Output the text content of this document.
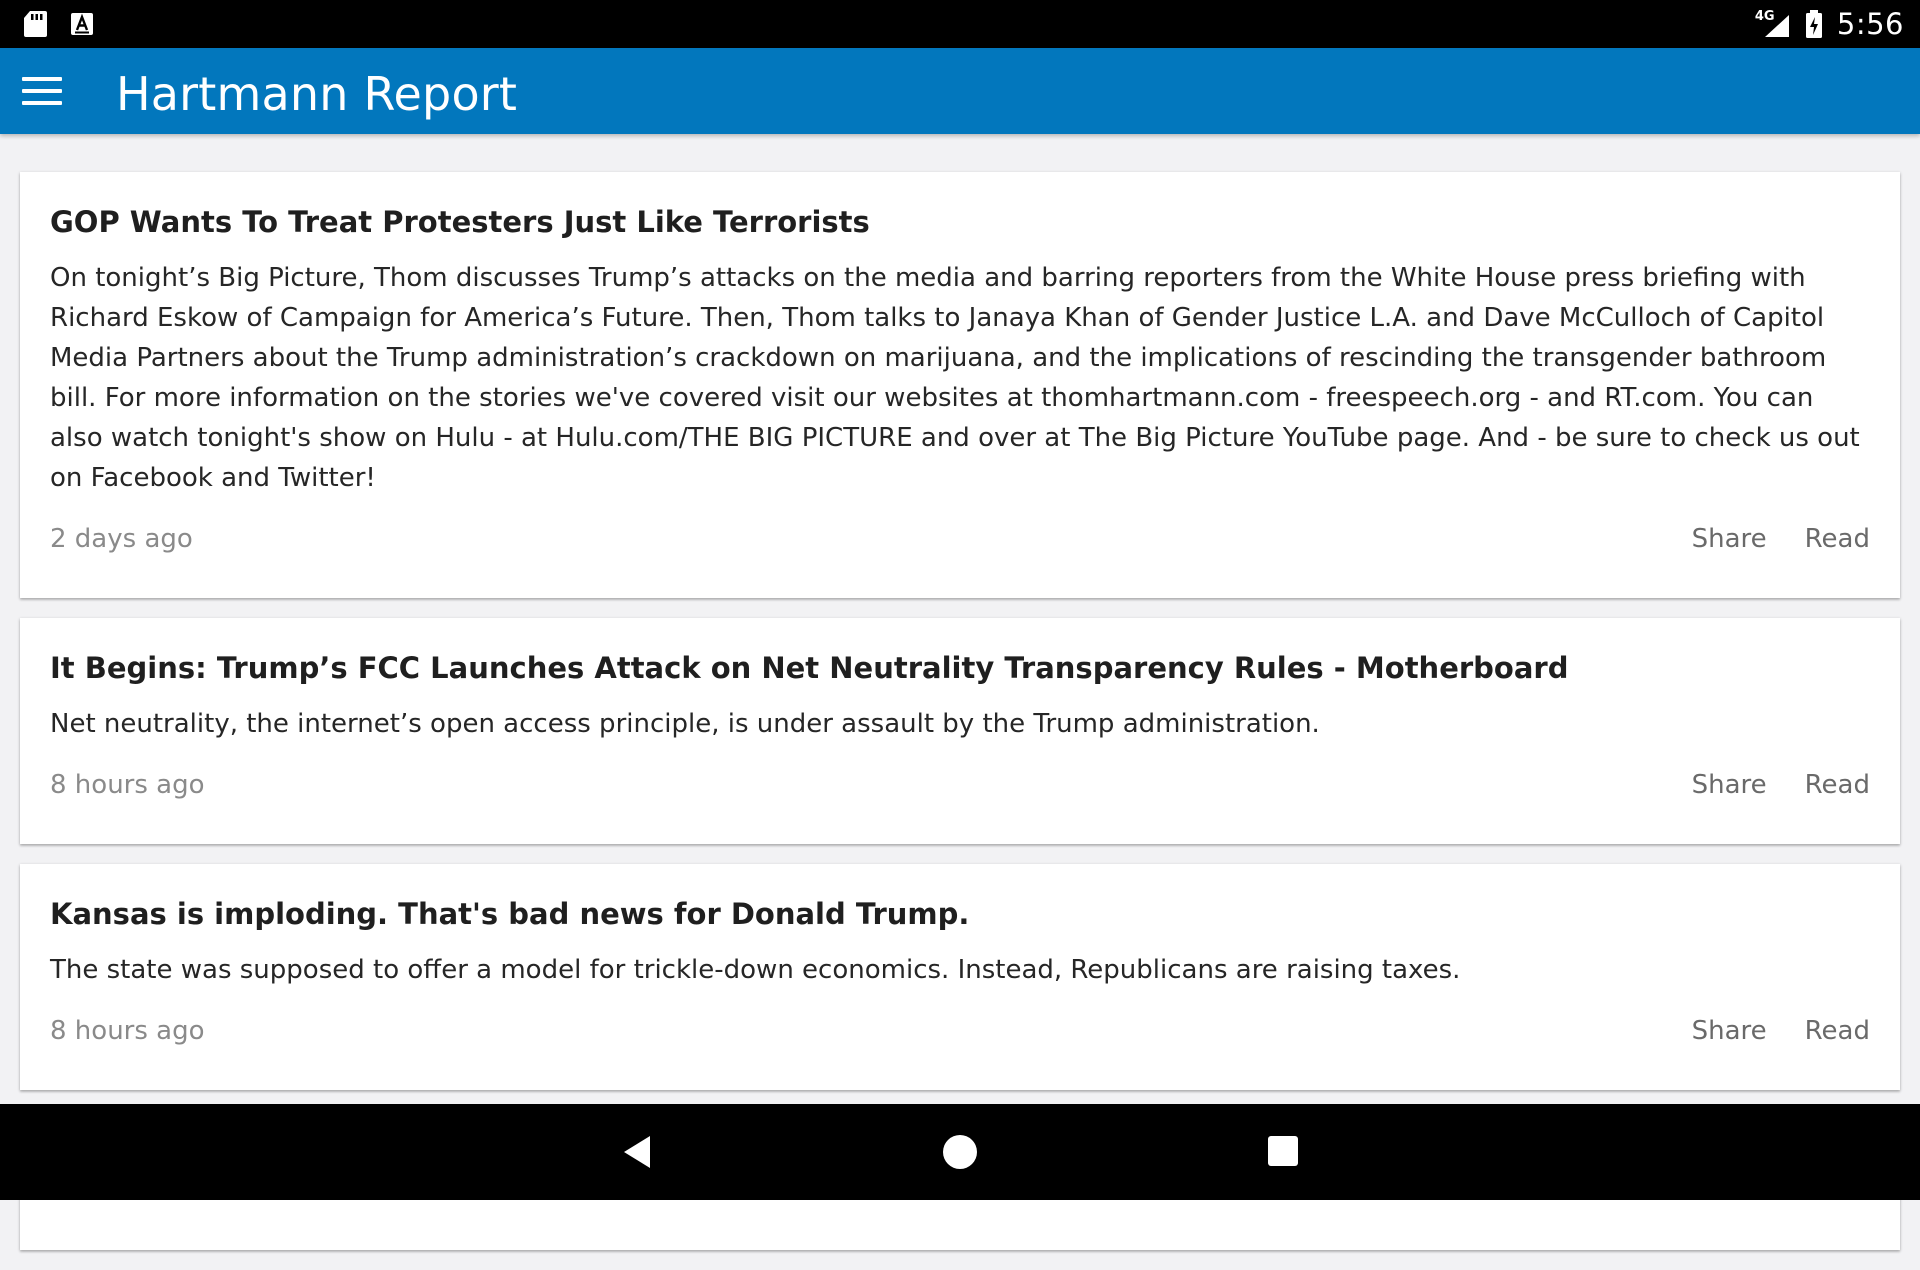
4G 5:56
Hartmann Report
GOP Wants To Treat Protesters Just Like Terrorists
On tonight’s Big Picture, Thom discusses Trump’s attacks on the media and barring reporters from the White House press briefing with Richard Eskow of Campaign for America’s Future. Then, Thom talks to Janaya Khan of Gender Justice L.A. and Dave McCulloch of Capitol Media Partners about the Trump administration’s crackdown on marijuana, and the implications of rescinding the transgender bathroom bill. For more information on the stories we've covered visit our websites at thomhartmann.com - freespeech.org - and RT.com. You can also watch tonight's show on Hulu - at Hulu.com/THE BIG PICTURE and over at The Big Picture YouTube page. And - be sure to check us out on Facebook and Twitter!
2 days ago	Share Read
It Begins: Trump’s FCC Launches Attack on Net Neutrality Transparency Rules - Motherboard
Net neutrality, the internet’s open access principle, is under assault by the Trump administration.
8 hours ago	Share Read
Kansas is imploding. That's bad news for Donald Trump.
The state was supposed to offer a model for trickle-down economics. Instead, Republicans are raising taxes.
8 hours ago	Share Read
